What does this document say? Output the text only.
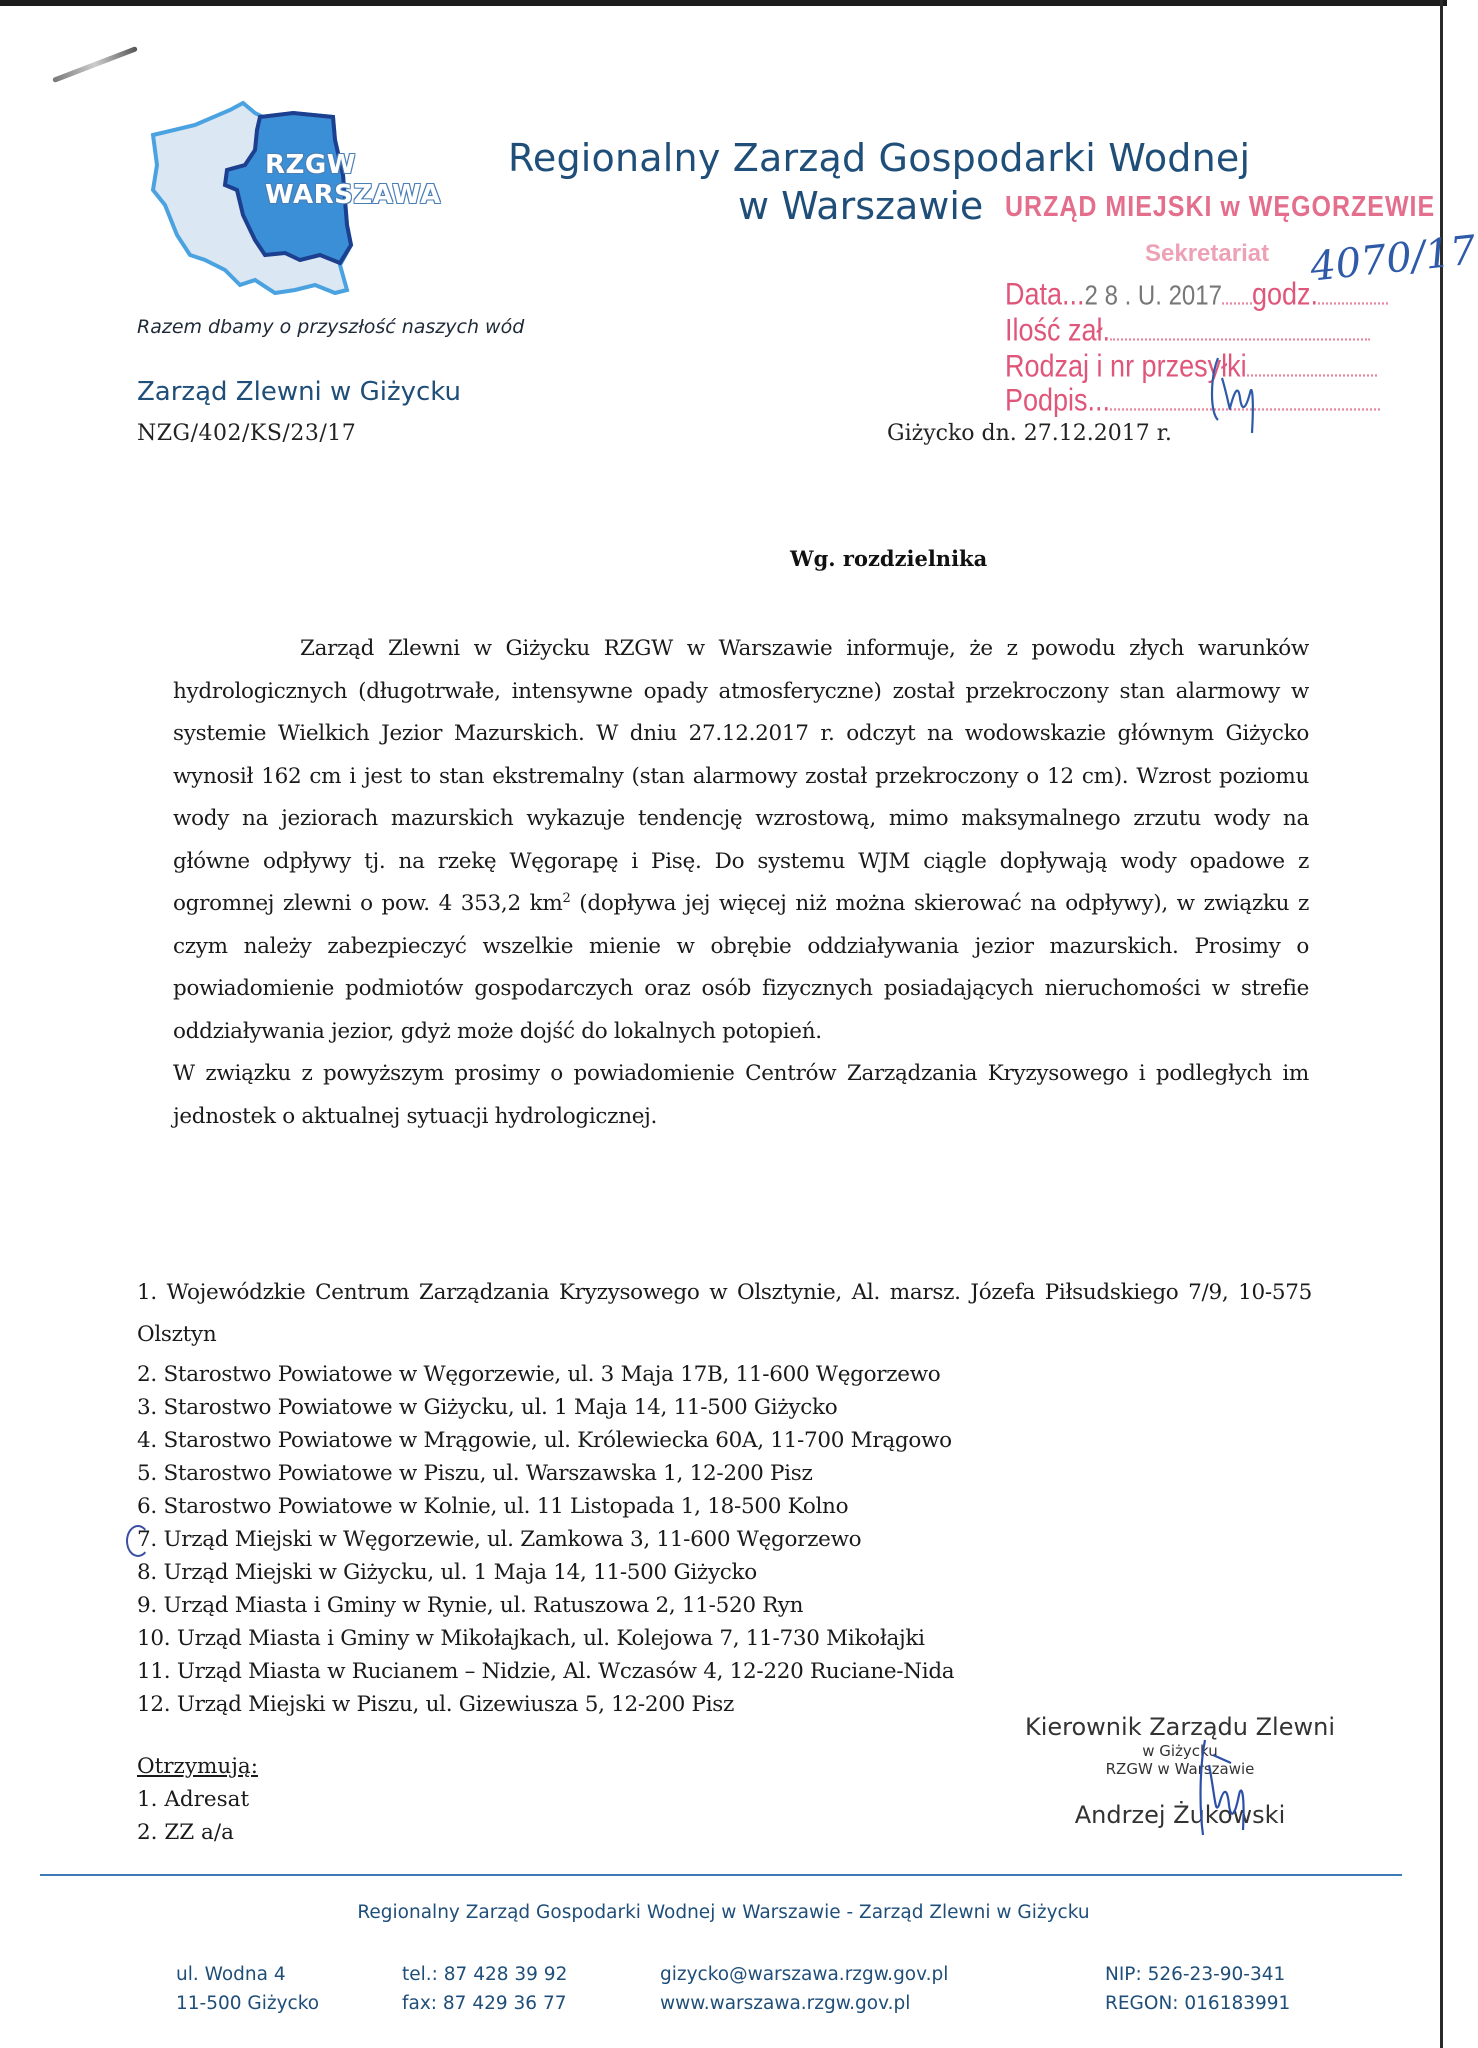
RZGW
WARSZAWA
Razem dbamy o przyszłość naszych wód
Regionalny Zarząd Gospodarki Wodnej
w Warszawie URZĄD MIEJSKI w WĘGORZEWIE
Sekretariat
Data...2 8 . U. 2017 godz.
Ilość zał.
Rodzaj i nr przesyłki
Podpis...
4070/17
Zarząd Zlewni w Giżycku
NZG/402/KS/23/17	Giżycko dn. 27.12.2017 r.
Wg. rozdzielnika

Zarząd Zlewni w Giżycku RZGW w Warszawie informuje, że z powodu złych warunków hydrologicznych (długotrwałe, intensywne opady atmosferyczne) został przekroczony stan alarmowy w systemie Wielkich Jezior Mazurskich. W dniu 27.12.2017 r. odczyt na wodowskazie głównym Giżycko wynosił 162 cm i jest to stan ekstremalny (stan alarmowy został przekroczony o 12 cm). Wzrost poziomu wody na jeziorach mazurskich wykazuje tendencję wzrostową, mimo maksymalnego zrzutu wody na główne odpływy tj. na rzekę Węgorapę i Pisę. Do systemu WJM ciągle dopływają wody opadowe z ogromnej zlewni o pow. 4 353,2 $km^2$ (dopływa jej więcej niż można skierować na odpływy), w związku z czym należy zabezpieczyć wszelkie mienie w obrębie oddziaływania jezior mazurskich. Prosimy o powiadomienie podmiotów gospodarczych oraz osób fizycznych posiadających nieruchomości w strefie oddziaływania jezior, gdyż może dojść do lokalnych potopień.

W związku z powyższym prosimy o powiadomienie Centrów Zarządzania Kryzysowego i podległych im jednostek o aktualnej sytuacji hydrologicznej.

1. Wojewódzkie Centrum Zarządzania Kryzysowego w Olsztynie, Al. marsz. Józefa Piłsudskiego 7/9, 10-575 Olsztyn
2. Starostwo Powiatowe w Węgorzewie, ul. 3 Maja 17B, 11-600 Węgorzewo
3. Starostwo Powiatowe w Giżycku, ul. 1 Maja 14, 11-500 Giżycko
4. Starostwo Powiatowe w Mrągowie, ul. Królewiecka 60A, 11-700 Mrągowo
5. Starostwo Powiatowe w Piszu, ul. Warszawska 1, 12-200 Pisz
6. Starostwo Powiatowe w Kolnie, ul. 11 Listopada 1, 18-500 Kolno
7. Urząd Miejski w Węgorzewie, ul. Zamkowa 3, 11-600 Węgorzewo
8. Urząd Miejski w Giżycku, ul. 1 Maja 14, 11-500 Giżycko
9. Urząd Miasta i Gminy w Rynie, ul. Ratuszowa 2, 11-520 Ryn
10. Urząd Miasta i Gminy w Mikołajkach, ul. Kolejowa 7, 11-730 Mikołajki
11. Urząd Miasta w Rucianem – Nidzie, Al. Wczasów 4, 12-220 Ruciane-Nida
12. Urząd Miejski w Piszu, ul. Gizewiusza 5, 12-200 Pisz
Otrzymują:
1. Adresat
2. ZZ a/a
Kierownik Zarządu Zlewni
w Giżycku
RZGW w Warszawie
Andrzej Żukowski
Regionalny Zarząd Gospodarki Wodnej w Warszawie - Zarząd Zlewni w Giżycku
ul. Wodna 4
11-500 Giżycko
tel.: 87 428 39 92
fax: 87 429 36 77
gizycko@warszawa.rzgw.gov.pl
www.warszawa.rzgw.gov.pl
NIP: 526-23-90-341
REGON: 016183991
